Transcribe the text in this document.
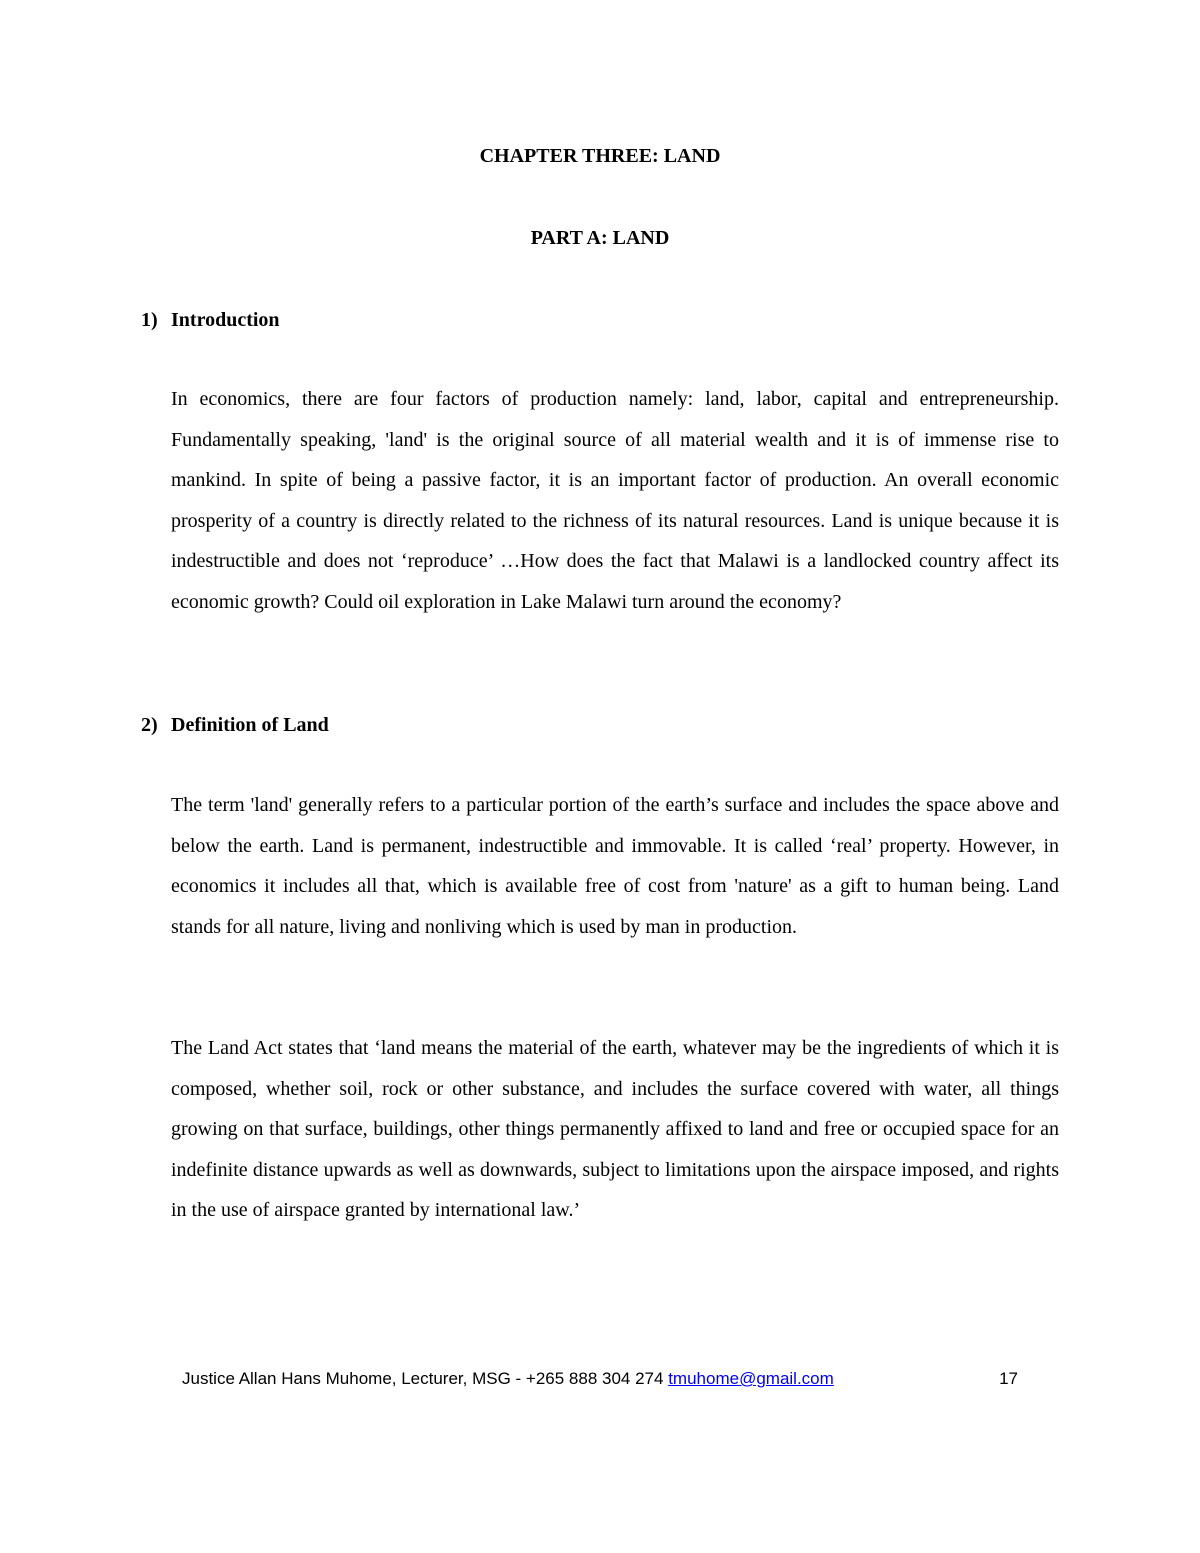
CHAPTER THREE: LAND
PART A: LAND
1) Introduction

In economics, there are four factors of production namely: land, labor, capital and entrepreneurship. Fundamentally speaking, 'land' is the original source of all material wealth and it is of immense rise to mankind. In spite of being a passive factor, it is an important factor of production. An overall economic prosperity of a country is directly related to the richness of its natural resources. Land is unique because it is indestructible and does not ‘reproduce’ …How does the fact that Malawi is a landlocked country affect its economic growth? Could oil exploration in Lake Malawi turn around the economy?

2) Definition of Land

The term 'land' generally refers to a particular portion of the earth’s surface and includes the space above and below the earth. Land is permanent, indestructible and immovable. It is called ‘real’ property. However, in economics it includes all that, which is available free of cost from 'nature' as a gift to human being. Land stands for all nature, living and nonliving which is used by man in production.

The Land Act states that ‘land means the material of the earth, whatever may be the ingredients of which it is composed, whether soil, rock or other substance, and includes the surface covered with water, all things growing on that surface, buildings, other things permanently affixed to land and free or occupied space for an indefinite distance upwards as well as downwards, subject to limitations upon the airspace imposed, and rights in the use of airspace granted by international law.’

Justice Allan Hans Muhome, Lecturer, MSG - +265 888 304 274 tmuhome@gmail.com	17
